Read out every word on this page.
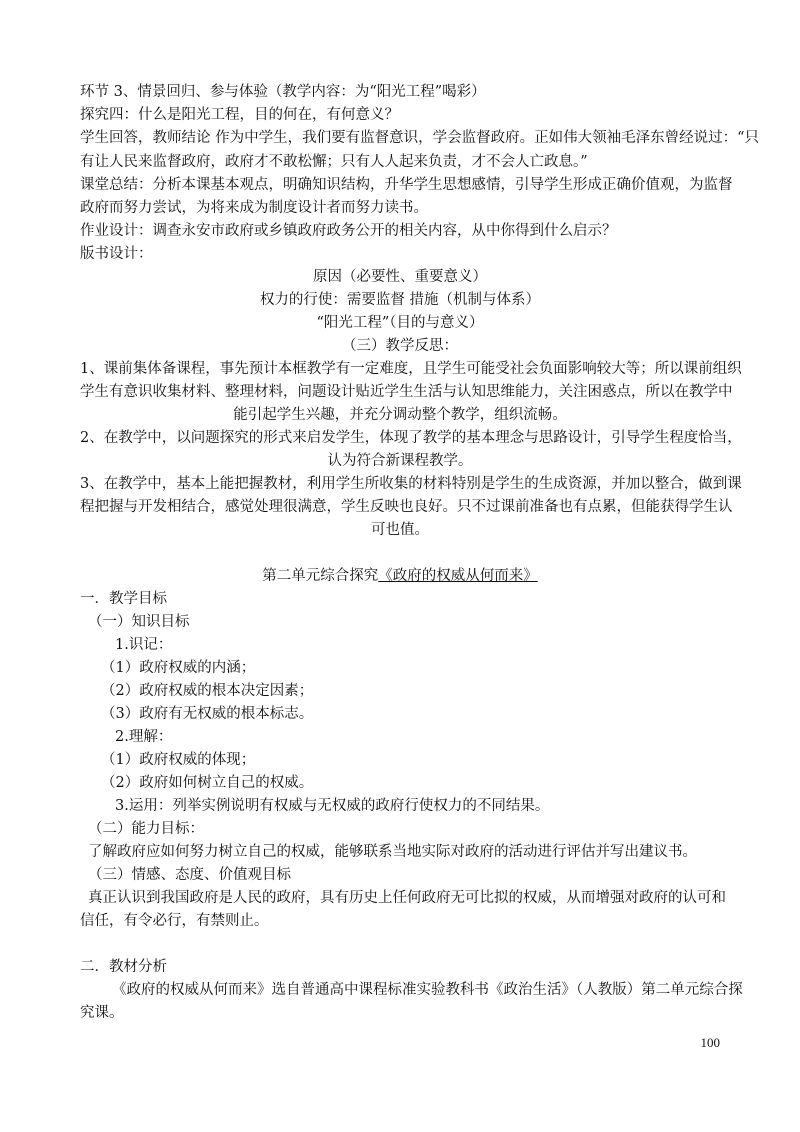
环节 3、情景回归、参与体验（教学内容：为“阳光工程”喝彩）
探究四：什么是阳光工程，目的何在，有何意义？
学生回答，教师结论 作为中学生，我们要有监督意识，学会监督政府。正如伟大领袖毛泽东曾经说过：“只
有让人民来监督政府，政府才不敢松懈；只有人人起来负责，才不会人亡政息。”
课堂总结：分析本课基本观点，明确知识结构，升华学生思想感情，引导学生形成正确价值观，为监督
政府而努力尝试，为将来成为制度设计者而努力读书。
作业设计：调查永安市政府或乡镇政府政务公开的相关内容，从中你得到什么启示？
版书设计：
原因（必要性、重要意义）
权力的行使：需要监督 措施（机制与体系）
“阳光工程”（目的与意义）
（三）教学反思：
1、课前集体备课程，事先预计本框教学有一定难度，且学生可能受社会负面影响较大等；所以课前组织
学生有意识收集材料、整理材料，问题设计贴近学生生活与认知思维能力，关注困惑点，所以在教学中
能引起学生兴趣，并充分调动整个教学，组织流畅。
2、在教学中，以问题探究的形式来启发学生，体现了教学的基本理念与思路设计，引导学生程度恰当，
认为符合新课程教学。
3、在教学中，基本上能把握教材，利用学生所收集的材料特别是学生的生成资源，并加以整合，做到课
程把握与开发相结合，感觉处理很满意，学生反映也良好。只不过课前准备也有点累，但能获得学生认
可也值。
第二单元综合探究《政府的权威从何而来》
一．教学目标
（一）知识目标
1.识记：
（1）政府权威的内涵；
（2）政府权威的根本决定因素；
（3）政府有无权威的根本标志。
2.理解：
（1）政府权威的体现；
（2）政府如何树立自己的权威。
3.运用：列举实例说明有权威与无权威的政府行使权力的不同结果。
（二）能力目标：
了解政府应如何努力树立自己的权威，能够联系当地实际对政府的活动进行评估并写出建议书。
（三）情感、态度、价值观目标
真正认识到我国政府是人民的政府，具有历史上任何政府无可比拟的权威，从而增强对政府的认可和
信任，有令必行，有禁则止。
二．教材分析
《政府的权威从何而来》选自普通高中课程标准实验教科书《政治生活》（人教版）第二单元综合探
究课。
100
